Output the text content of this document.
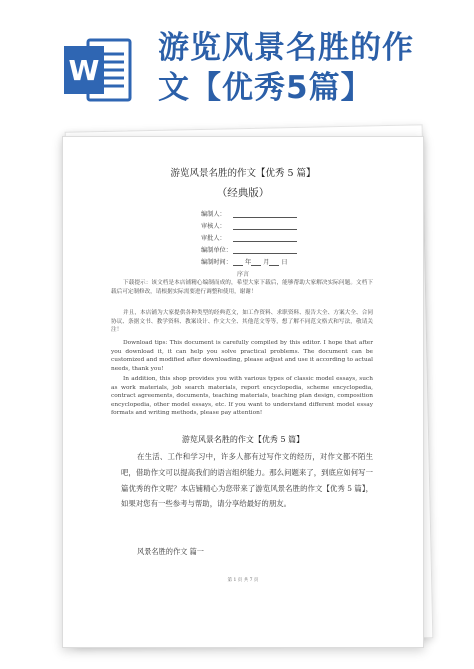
W
游览风景名胜的作
文【优秀5篇】
游览风景名胜的作文【优秀 5 篇】
（经典版）
编制人：
审核人：
审批人：
编制单位：
编制时间： 年 月 日
序言
下载提示：该文档是本店铺精心编制而成的，希望大家下载后，能够帮助大家解决实际问题。文档下载后可定制修改，请根据实际需要进行调整和使用，谢谢！
并且，本店铺为大家提供各种类型的经典范文，如工作资料、求职资料、报告大全、方案大全、合同协议、条据文书、教学资料、教案设计、作文大全、其他范文等等，想了解不同范文格式和写法，敬请关注！
Download tips: This document is carefully compiled by this editor. I hope that after you download it, it can help you solve practical problems. The document can be customized and modified after downloading, please adjust and use it according to actual needs, thank you!
In addition, this shop provides you with various types of classic model essays, such as work materials, job search materials, report encyclopedia, scheme encyclopedia, contract agreements, documents, teaching materials, teaching plan design, composition encyclopedia, other model essays, etc. If you want to understand different model essay formats and writing methods, please pay attention!
游览风景名胜的作文【优秀 5 篇】
在生活、工作和学习中，许多人都有过写作文的经历，对作文都不陌生吧，借助作文可以提高我们的语言组织能力。那么问题来了，到底应如何写一篇优秀的作文呢？本店铺精心为您带来了游览风景名胜的作文【优秀 5 篇】，如果对您有一些参考与帮助，请分享给最好的朋友。
风景名胜的作文 篇一
第 1 页 共 7 页
